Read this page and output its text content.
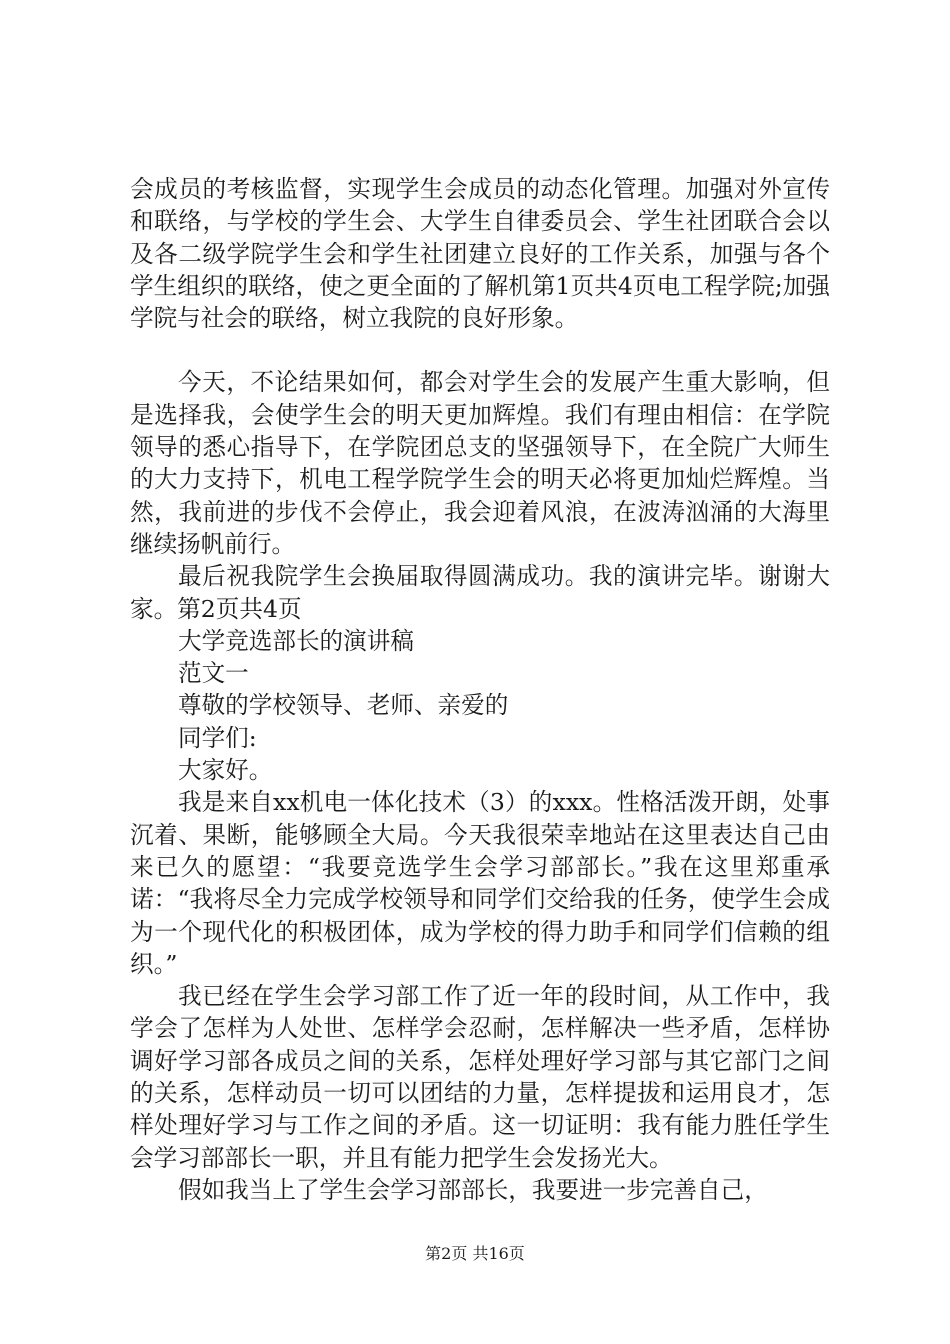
会成员的考核监督，实现学生会成员的动态化管理。加强对外宣传和联络，与学校的学生会、大学生自律委员会、学生社团联合会以及各二级学院学生会和学生社团建立良好的工作关系，加强与各个学生组织的联络，使之更全面的了解机第1页共4页电工程学院;加强学院与社会的联络，树立我院的良好形象。

今天，不论结果如何，都会对学生会的发展产生重大影响，但是选择我，会使学生会的明天更加辉煌。我们有理由相信：在学院领导的悉心指导下，在学院团总支的坚强领导下，在全院广大师生的大力支持下，机电工程学院学生会的明天必将更加灿烂辉煌。当然，我前进的步伐不会停止，我会迎着风浪，在波涛汹涌的大海里继续扬帆前行。

最后祝我院学生会换届取得圆满成功。我的演讲完毕。谢谢大家。第2页共4页

大学竞选部长的演讲稿

范文一

尊敬的学校领导、老师、亲爱的

同学们:

大家好。

我是来自xx机电一体化技术（3）的xxx。性格活泼开朗，处事沉着、果断，能够顾全大局。今天我很荣幸地站在这里表达自己由来已久的愿望：“我要竞选学生会学习部部长。”我在这里郑重承诺：“我将尽全力完成学校领导和同学们交给我的任务，使学生会成为一个现代化的积极团体，成为学校的得力助手和同学们信赖的组织。”

我已经在学生会学习部工作了近一年的段时间，从工作中，我学会了怎样为人处世、怎样学会忍耐，怎样解决一些矛盾，怎样协调好学习部各成员之间的关系，怎样处理好学习部与其它部门之间的关系，怎样动员一切可以团结的力量，怎样提拔和运用良才，怎样处理好学习与工作之间的矛盾。这一切证明：我有能力胜任学生会学习部部长一职，并且有能力把学生会发扬光大。

假如我当上了学生会学习部部长，我要进一步完善自己，

第2页 共16页
